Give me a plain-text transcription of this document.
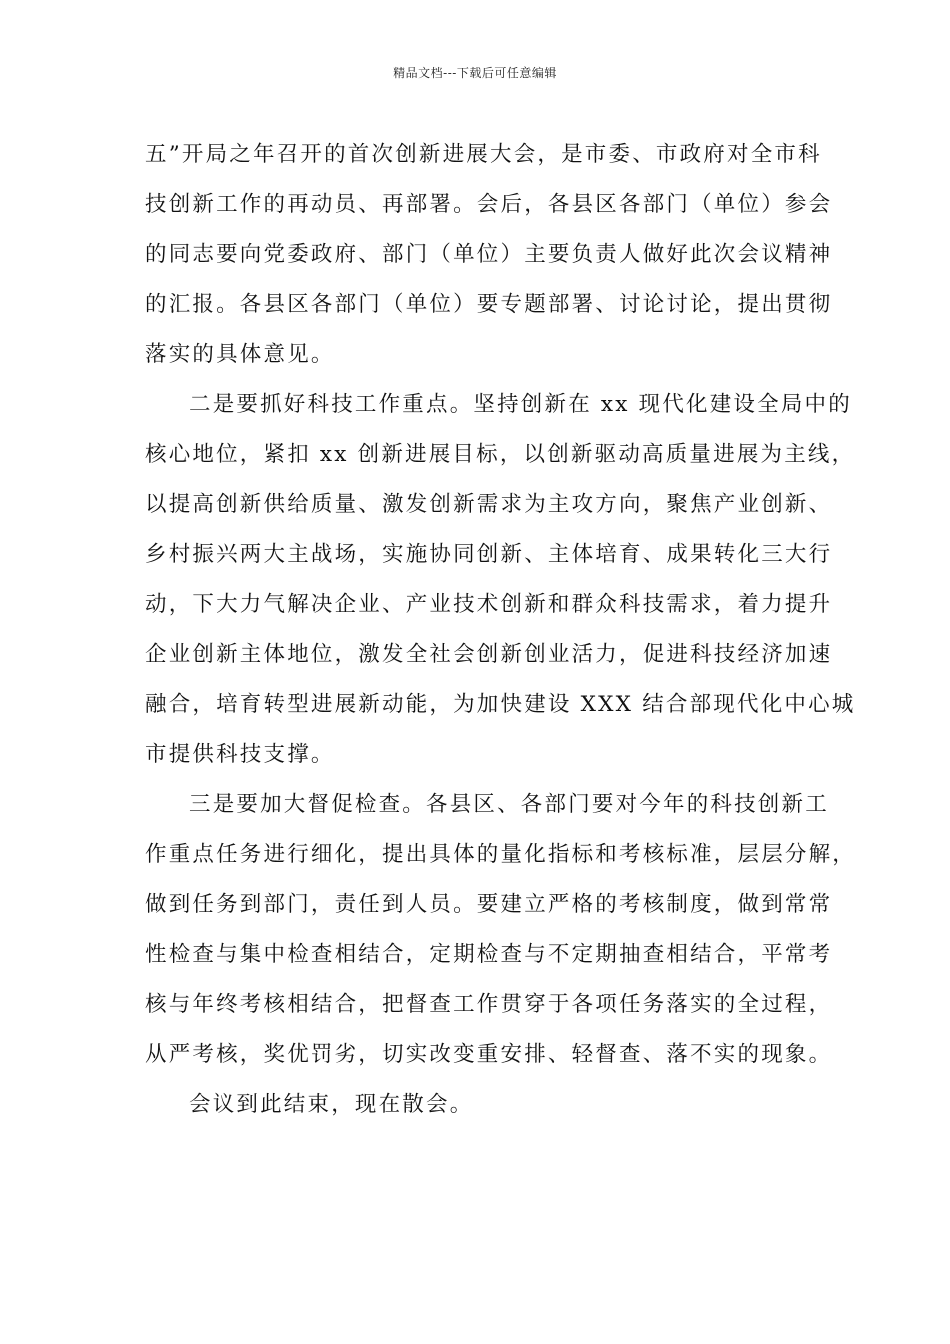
精品文档---下载后可任意编辑
五”开局之年召开的首次创新进展大会，是市委、市政府对全市科
技创新工作的再动员、再部署。会后，各县区各部门（单位）参会
的同志要向党委政府、部门（单位）主要负责人做好此次会议精神
的汇报。各县区各部门（单位）要专题部署、讨论讨论，提出贯彻
落实的具体意见。
二是要抓好科技工作重点。坚持创新在 xx 现代化建设全局中的
核心地位，紧扣 xx 创新进展目标，以创新驱动高质量进展为主线，
以提高创新供给质量、激发创新需求为主攻方向，聚焦产业创新、
乡村振兴两大主战场，实施协同创新、主体培育、成果转化三大行
动，下大力气解决企业、产业技术创新和群众科技需求，着力提升
企业创新主体地位，激发全社会创新创业活力，促进科技经济加速
融合，培育转型进展新动能，为加快建设 XXX 结合部现代化中心城
市提供科技支撑。
三是要加大督促检查。各县区、各部门要对今年的科技创新工
作重点任务进行细化，提出具体的量化指标和考核标准，层层分解，
做到任务到部门，责任到人员。要建立严格的考核制度，做到常常
性检查与集中检查相结合，定期检查与不定期抽查相结合，平常考
核与年终考核相结合，把督查工作贯穿于各项任务落实的全过程，
从严考核，奖优罚劣，切实改变重安排、轻督查、落不实的现象。
会议到此结束，现在散会。
